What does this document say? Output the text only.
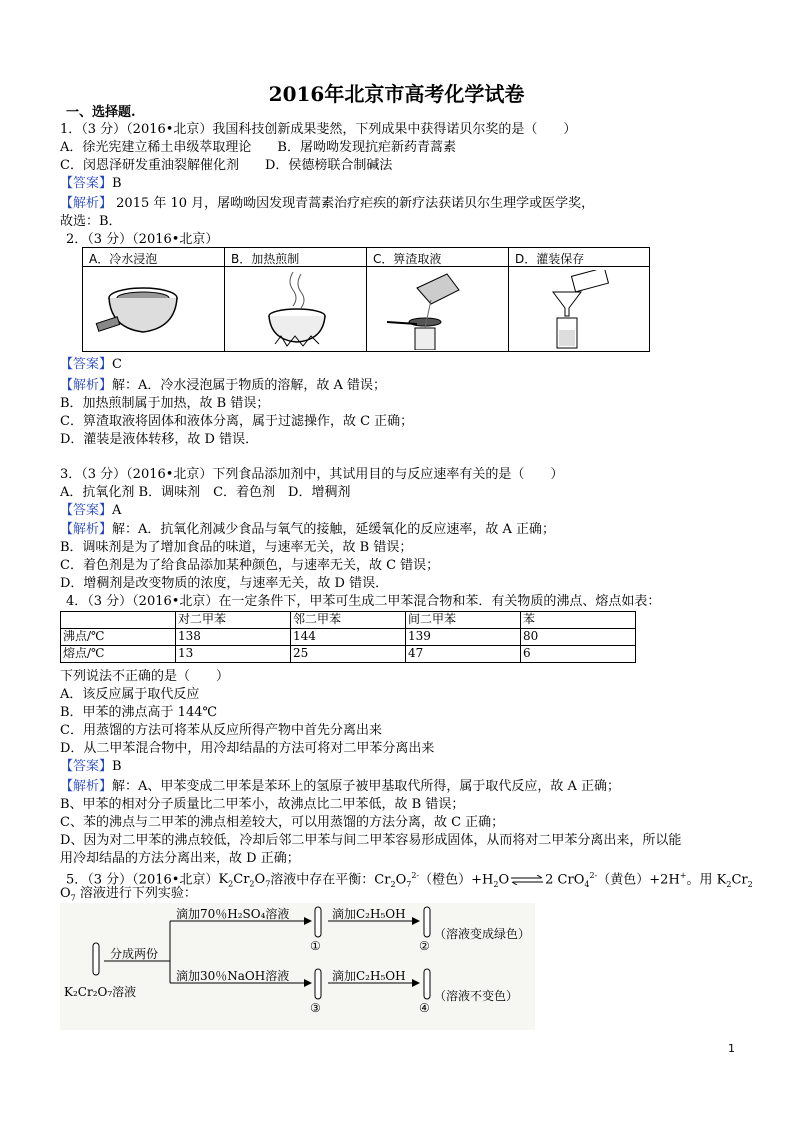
2016年北京市高考化学试卷
一、选择题.
1．（3 分）（2016•北京）我国科技创新成果斐然，下列成果中获得诺贝尔奖的是（　　）
A．徐光宪建立稀土串级萃取理论　　B．屠呦呦发现抗疟新药青蒿素
C．闵恩泽研发重油裂解催化剂　　D．侯德榜联合制碱法
【答案】B
【解析】 2015 年 10 月，屠呦呦因发现青蒿素治疗疟疾的新疗法获诺贝尔生理学或医学奖，
故选：B．
2．（3 分）（2016•北京）
A．冷水浸泡	B．加热煎制	C．箅渣取液	D．灌装保存
【答案】C
【解析】解：A．冷水浸泡属于物质的溶解，故 A 错误；
B．加热煎制属于加热，故 B 错误；
C．箅渣取液将固体和液体分离，属于过滤操作，故 C 正确；
D．灌装是液体转移，故 D 错误．
3．（3 分）（2016•北京）下列食品添加剂中，其试用目的与反应速率有关的是（　　）
A．抗氧化剂 B．调味剂　C．着色剂　D．增稠剂
【答案】A
【解析】解：A．抗氧化剂减少食品与氧气的接触，延缓氧化的反应速率，故 A 正确；
B．调味剂是为了增加食品的味道，与速率无关，故 B 错误；
C．着色剂是为了给食品添加某种颜色，与速率无关，故 C 错误；
D．增稠剂是改变物质的浓度，与速率无关，故 D 错误．
4．（3 分）（2016•北京）在一定条件下，甲苯可生成二甲苯混合物和苯．有关物质的沸点、熔点如表：
	对二甲苯	邻二甲苯	间二甲苯	苯
沸点/℃	138	144	139	80
熔点/℃	13	25	47	6
下列说法不正确的是（　　）
A．该反应属于取代反应
B．甲苯的沸点高于 144℃
C．用蒸馏的方法可将苯从反应所得产物中首先分离出来
D．从二甲苯混合物中，用冷却结晶的方法可将对二甲苯分离出来
【答案】B
【解析】解：A、甲苯变成二甲苯是苯环上的氢原子被甲基取代所得，属于取代反应，故 A 正确；
B、甲苯的相对分子质量比二甲苯小，故沸点比二甲苯低，故 B 错误；
C、苯的沸点与二甲苯的沸点相差较大，可以用蒸馏的方法分离，故 C 正确；
D、因为对二甲苯的沸点较低，冷却后邻二甲苯与间二甲苯容易形成固体，从而将对二甲苯分离出来，所以能
用冷却结晶的方法分离出来，故 D 正确；
5．（3 分）（2016•北京）$K_2Cr_2O_7$溶液中存在平衡：$Cr_2O_7^{2-}$（橙色）$+H_2O\rightleftharpoons 2$ CrO$_4^{2-}$（黄色）+2H+。用 $K_2Cr_2$
$O_7$ 溶液进行下列实验：
分成两份
K₂Cr₂O₇溶液
滴加70％H₂SO₄溶液
滴加30％NaOH溶液
滴加C₂H₅OH
滴加C₂H₅OH
（溶液变成绿色）
（溶液不变色）
①	②
③	④
1
